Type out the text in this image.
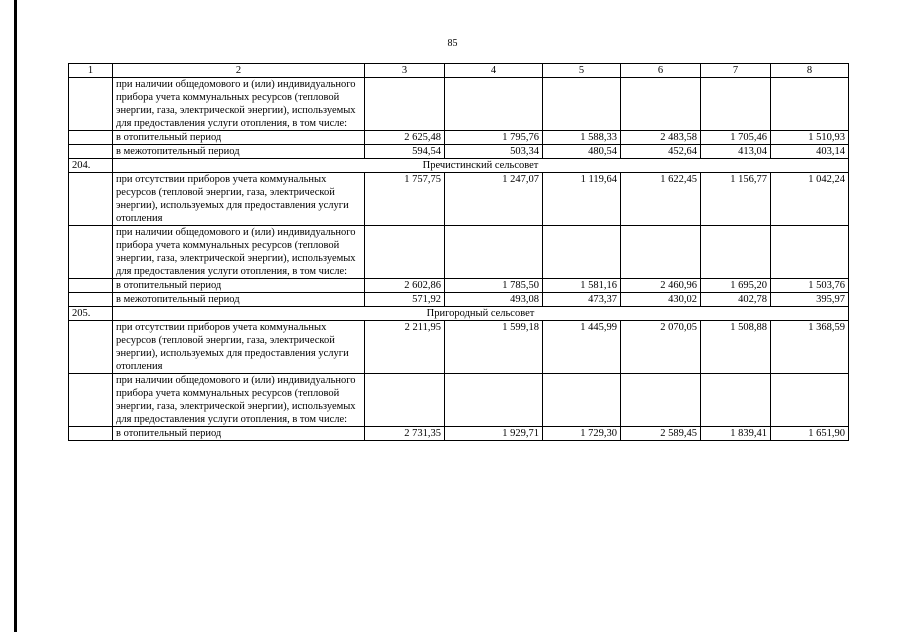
85
1	2	3	4	5	6	7	8
	при наличии общедомового и (или) индивидуального прибора учета коммунальных ресурсов (тепловой энергии, газа, электрической энергии), используемых для предоставления услуги отопления, в том числе:						
	в отопительный период	2 625,48	1 795,76	1 588,33	2 483,58	1 705,46	1 510,93
	в межотопительный период	594,54	503,34	480,54	452,64	413,04	403,14
204.	Пречистинский сельсовет						
	при отсутствии приборов учета коммунальных ресурсов (тепловой энергии, газа, электрической энергии), используемых для предоставления услуги отопления	1 757,75	1 247,07	1 119,64	1 622,45	1 156,77	1 042,24
	при наличии общедомового и (или) индивидуального прибора учета коммунальных ресурсов (тепловой энергии, газа, электрической энергии), используемых для предоставления услуги отопления, в том числе:						
	в отопительный период	2 602,86	1 785,50	1 581,16	2 460,96	1 695,20	1 503,76
	в межотопительный период	571,92	493,08	473,37	430,02	402,78	395,97
205.	Пригородный сельсовет						
	при отсутствии приборов учета коммунальных ресурсов (тепловой энергии, газа, электрической энергии), используемых для предоставления услуги отопления	2 211,95	1 599,18	1 445,99	2 070,05	1 508,88	1 368,59
	при наличии общедомового и (или) индивидуального прибора учета коммунальных ресурсов (тепловой энергии, газа, электрической энергии), используемых для предоставления услуги отопления, в том числе:						
	в отопительный период	2 731,35	1 929,71	1 729,30	2 589,45	1 839,41	1 651,90
